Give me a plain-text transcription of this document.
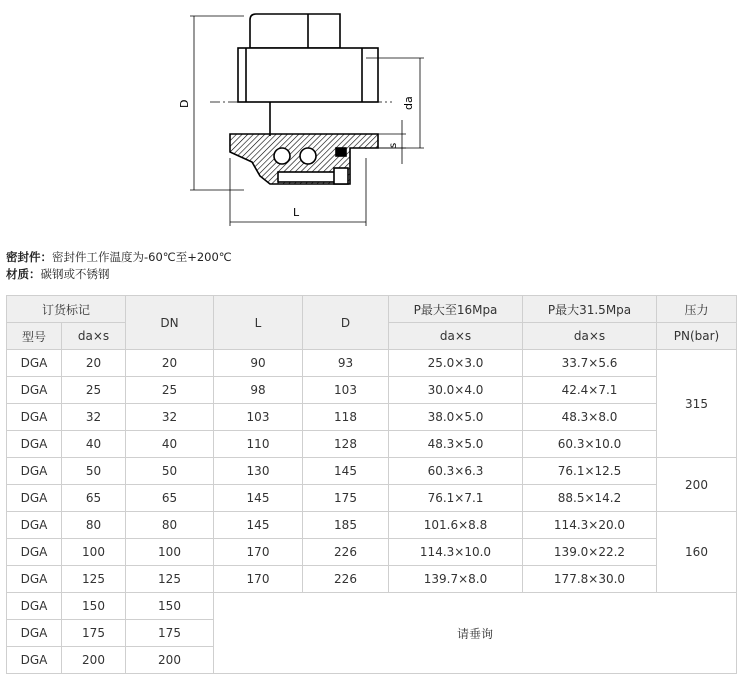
D
L
da
s
密封件：密封件工作温度为-60℃至+200℃
材质：碳钢或不锈钢
订货标记		DN	L	D	P最大至16Mpa	P最大31.5Mpa	压力
型号	da×s				da×s	da×s	PN(bar)
DGA	20	20	90	93	25.0×3.0	33.7×5.6	315
DGA	25	25	98	103	30.0×4.0	42.4×7.1	
DGA	32	32	103	118	38.0×5.0	48.3×8.0	
DGA	40	40	110	128	48.3×5.0	60.3×10.0	
DGA	50	50	130	145	60.3×6.3	76.1×12.5	200
DGA	65	65	145	175	76.1×7.1	88.5×14.2	
DGA	80	80	145	185	101.6×8.8	114.3×20.0	160
DGA	100	100	170	226	114.3×10.0	139.0×22.2	
DGA	125	125	170	226	139.7×8.0	177.8×30.0	
DGA	150	150	请垂询				
DGA	175	175					
DGA	200	200					
